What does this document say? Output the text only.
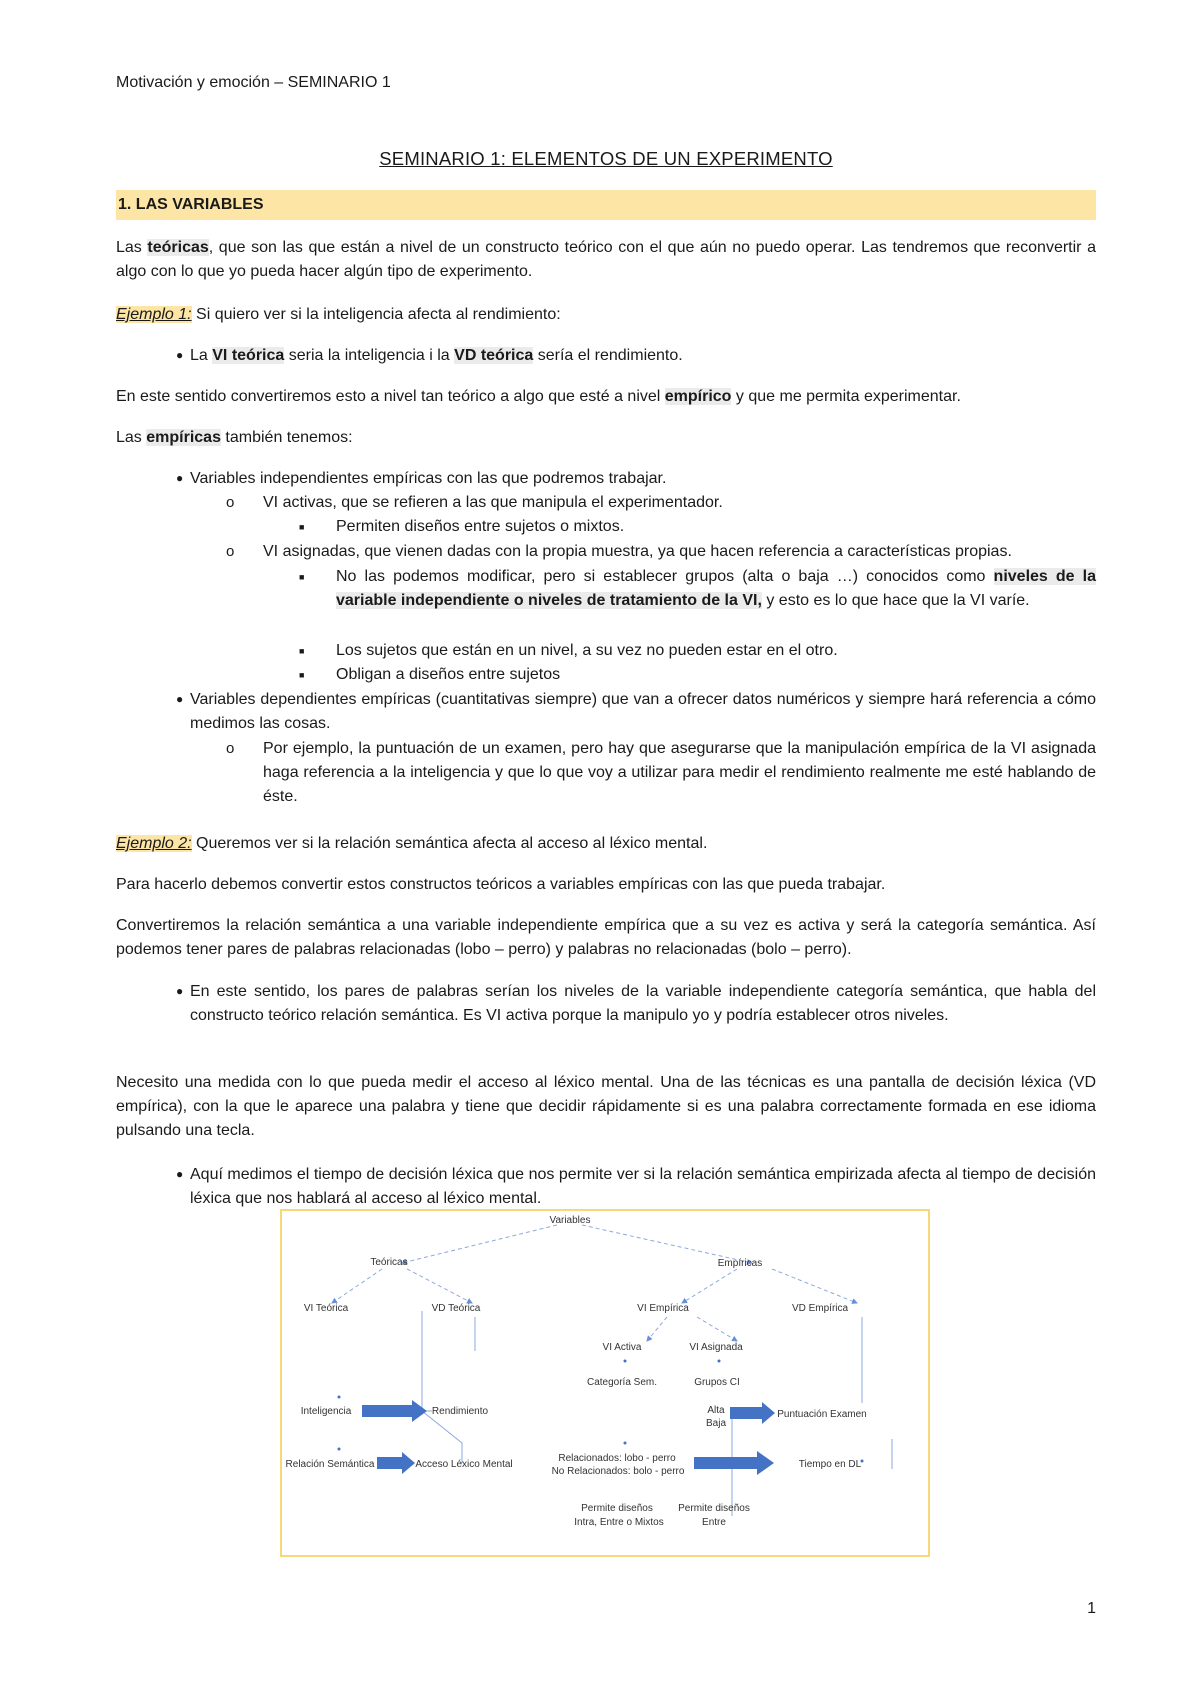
Motivación y emoción – SEMINARIO 1
SEMINARIO 1: ELEMENTOS DE UN EXPERIMENTO
1. LAS VARIABLES
Las teóricas, que son las que están a nivel de un constructo teórico con el que aún no puedo operar. Las tendremos que reconvertir a algo con lo que yo pueda hacer algún tipo de experimento.
Ejemplo 1: Si quiero ver si la inteligencia afecta al rendimiento:
● La VI teórica seria la inteligencia i la VD teórica sería el rendimiento.
En este sentido convertiremos esto a nivel tan teórico a algo que esté a nivel empírico y que me permita experimentar.
Las empíricas también tenemos:
● Variables independientes empíricas con las que podremos trabajar.
o VI activas, que se refieren a las que manipula el experimentador.
■ Permiten diseños entre sujetos o mixtos.
o VI asignadas, que vienen dadas con la propia muestra, ya que hacen referencia a características propias.
■ No las podemos modificar, pero si establecer grupos (alta o baja …) conocidos como niveles de la variable independiente o niveles de tratamiento de la VI, y esto es lo que hace que la VI varíe.
■ Los sujetos que están en un nivel, a su vez no pueden estar en el otro.
■ Obligan a diseños entre sujetos
● Variables dependientes empíricas (cuantitativas siempre) que van a ofrecer datos numéricos y siempre hará referencia a cómo medimos las cosas.
o Por ejemplo, la puntuación de un examen, pero hay que asegurarse que la manipulación empírica de la VI asignada haga referencia a la inteligencia y que lo que voy a utilizar para medir el rendimiento realmente me esté hablando de éste.
Ejemplo 2: Queremos ver si la relación semántica afecta al acceso al léxico mental.
Para hacerlo debemos convertir estos constructos teóricos a variables empíricas con las que pueda trabajar.
Convertiremos la relación semántica a una variable independiente empírica que a su vez es activa y será la categoría semántica. Así podemos tener pares de palabras relacionadas (lobo – perro) y palabras no relacionadas (bolo – perro).
● En este sentido, los pares de palabras serían los niveles de la variable independiente categoría semántica, que habla del constructo teórico relación semántica. Es VI activa porque la manipulo yo y podría establecer otros niveles.
Necesito una medida con lo que pueda medir el acceso al léxico mental. Una de las técnicas es una pantalla de decisión léxica (VD empírica), con la que le aparece una palabra y tiene que decidir rápidamente si es una palabra correctamente formada en ese idioma pulsando una tecla.
● Aquí medimos el tiempo de decisión léxica que nos permite ver si la relación semántica empirizada afecta al tiempo de decisión léxica que nos hablará al acceso al léxico mental.
Variables
Teóricas	Empíricas
VI Teórica	VD Teórica	VI Empírica	VD Empírica
VI Activa	VI Asignada
Categoría Sem.	Grupos CI
Alta
Baja
Puntuación Examen
Inteligencia	Rendimiento
Relación Semántica	Acceso Léxico Mental
Relacionados: lobo - perro
No Relacionados: bolo - perro
Tiempo en DL
Permite diseños
Intra, Entre o Mixtos
Permite diseños
Entre
1
